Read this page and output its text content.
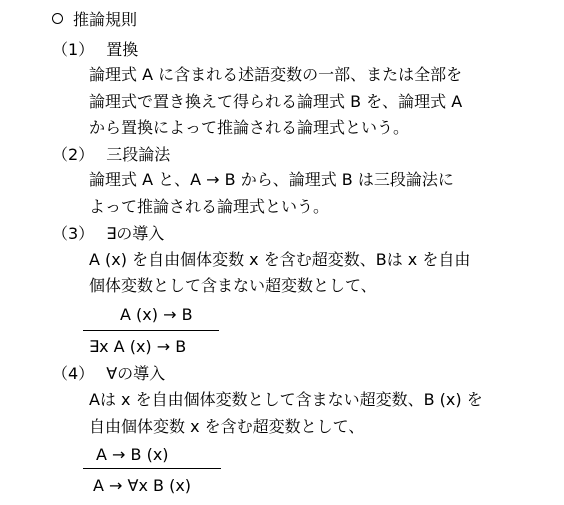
推論規則
（1） 置換
論理式 A に含まれる述語変数の一部、または全部を
論理式で置き換えて得られる論理式 B を、論理式 A
から置換によって推論される論理式という。
（2） 三段論法
論理式 A と、A → B から、論理式 B は三段論法に
よって推論される論理式という。
（3） ∃の導入
A (x) を自由個体変数 x を含む超変数、Bは x を自由
個体変数として含まない超変数として、
A (x) → B
∃x A (x) → B
（4） ∀の導入
Aは x を自由個体変数として含まない超変数、B (x) を
自由個体変数 x を含む超変数として、
A → B (x)
A → ∀x B (x)
